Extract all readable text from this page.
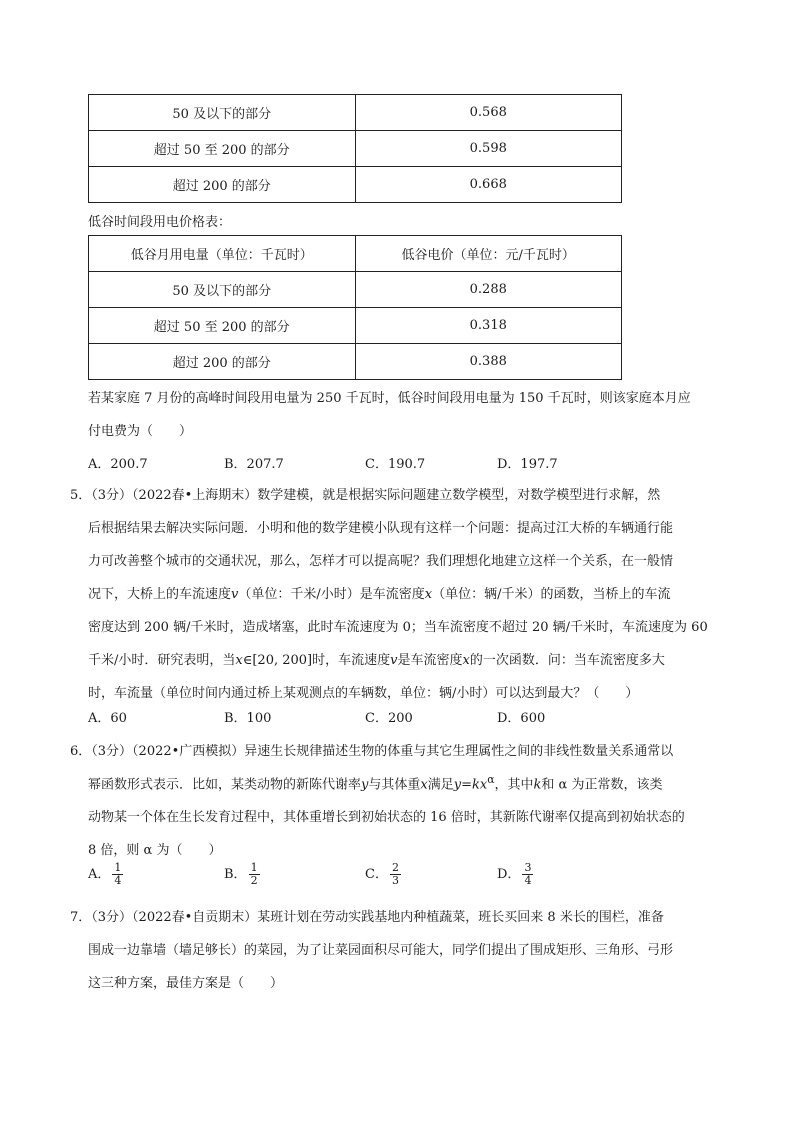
50 及以下的部分	0.568
超过 50 至 200 的部分	0.598
超过 200 的部分	0.668
低谷时间段用电价格表：
低谷月用电量（单位：千瓦时）	低谷电价（单位：元/千瓦时）
50 及以下的部分	0.288
超过 50 至 200 的部分	0.318
超过 200 的部分	0.388
若某家庭 7 月份的高峰时间段用电量为 250 千瓦时，低谷时间段用电量为 150 千瓦时，则该家庭本月应
付电费为（　　）
A．200.7	B．207.7	C．190.7	D．197.7
5．（3分）（2022春•上海期末）数学建模，就是根据实际问题建立数学模型，对数学模型进行求解，然
后根据结果去解决实际问题．小明和他的数学建模小队现有这样一个问题：提高过江大桥的车辆通行能
力可改善整个城市的交通状况，那么，怎样才可以提高呢？我们理想化地建立这样一个关系，在一般情
况下，大桥上的车流速度v（单位：千米/小时）是车流密度x（单位：辆/千米）的函数，当桥上的车流
密度达到 200 辆/千米时，造成堵塞，此时车流速度为 0；当车流密度不超过 20 辆/千米时，车流速度为 60
千米/小时．研究表明，当x∈[20, 200]时，车流速度v是车流密度x的一次函数．问：当车流密度多大
时，车流量（单位时间内通过桥上某观测点的车辆数，单位：辆/小时）可以达到最大？（　　）
A．60	B．100	C．200	D．600
6．（3分）（2022•广西模拟）异速生长规律描述生物的体重与其它生理属性之间的非线性数量关系通常以
幂函数形式表示．比如，某类动物的新陈代谢率y与其体重x满足$y=kx^\alpha$，其中k和 α 为正常数，该类
动物某一个体在生长发育过程中，其体重增长到初始状态的 16 倍时，其新陈代谢率仅提高到初始状态的
8 倍，则 α 为（　　）
A． $\frac{1}{4}$	B． $\frac{1}{2}$	C． $\frac{2}{3}$	D． $\frac{3}{4}$
7．（3分）（2022春•自贡期末）某班计划在劳动实践基地内种植蔬菜，班长买回来 8 米长的围栏，准备
围成一边靠墙（墙足够长）的菜园，为了让菜园面积尽可能大，同学们提出了围成矩形、三角形、弓形
这三种方案，最佳方案是（　　）
